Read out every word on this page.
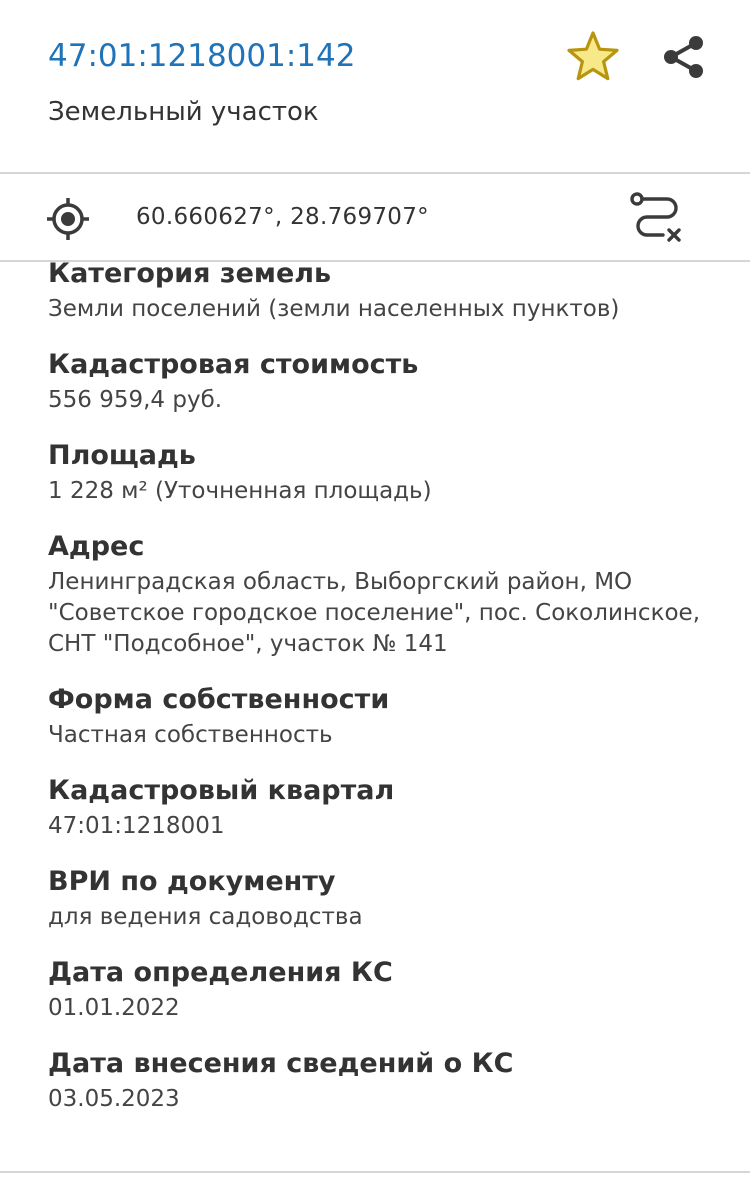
47:01:1218001:142
Земельный участок
60.660627°, 28.769707°
Категория земель
Земли поселений (земли населенных пунктов)
Кадастровая стоимость
556 959,4 руб.
Площадь
1 228 м² (Уточненная площадь)
Адрес
Ленинградская область, Выборгский район, МО "Советское городское поселение", пос. Соколинское, СНТ "Подсобное", участок № 141
Форма собственности
Частная собственность
Кадастровый квартал
47:01:1218001
ВРИ по документу
для ведения садоводства
Дата определения КС
01.01.2022
Дата внесения сведений о КС
03.05.2023
